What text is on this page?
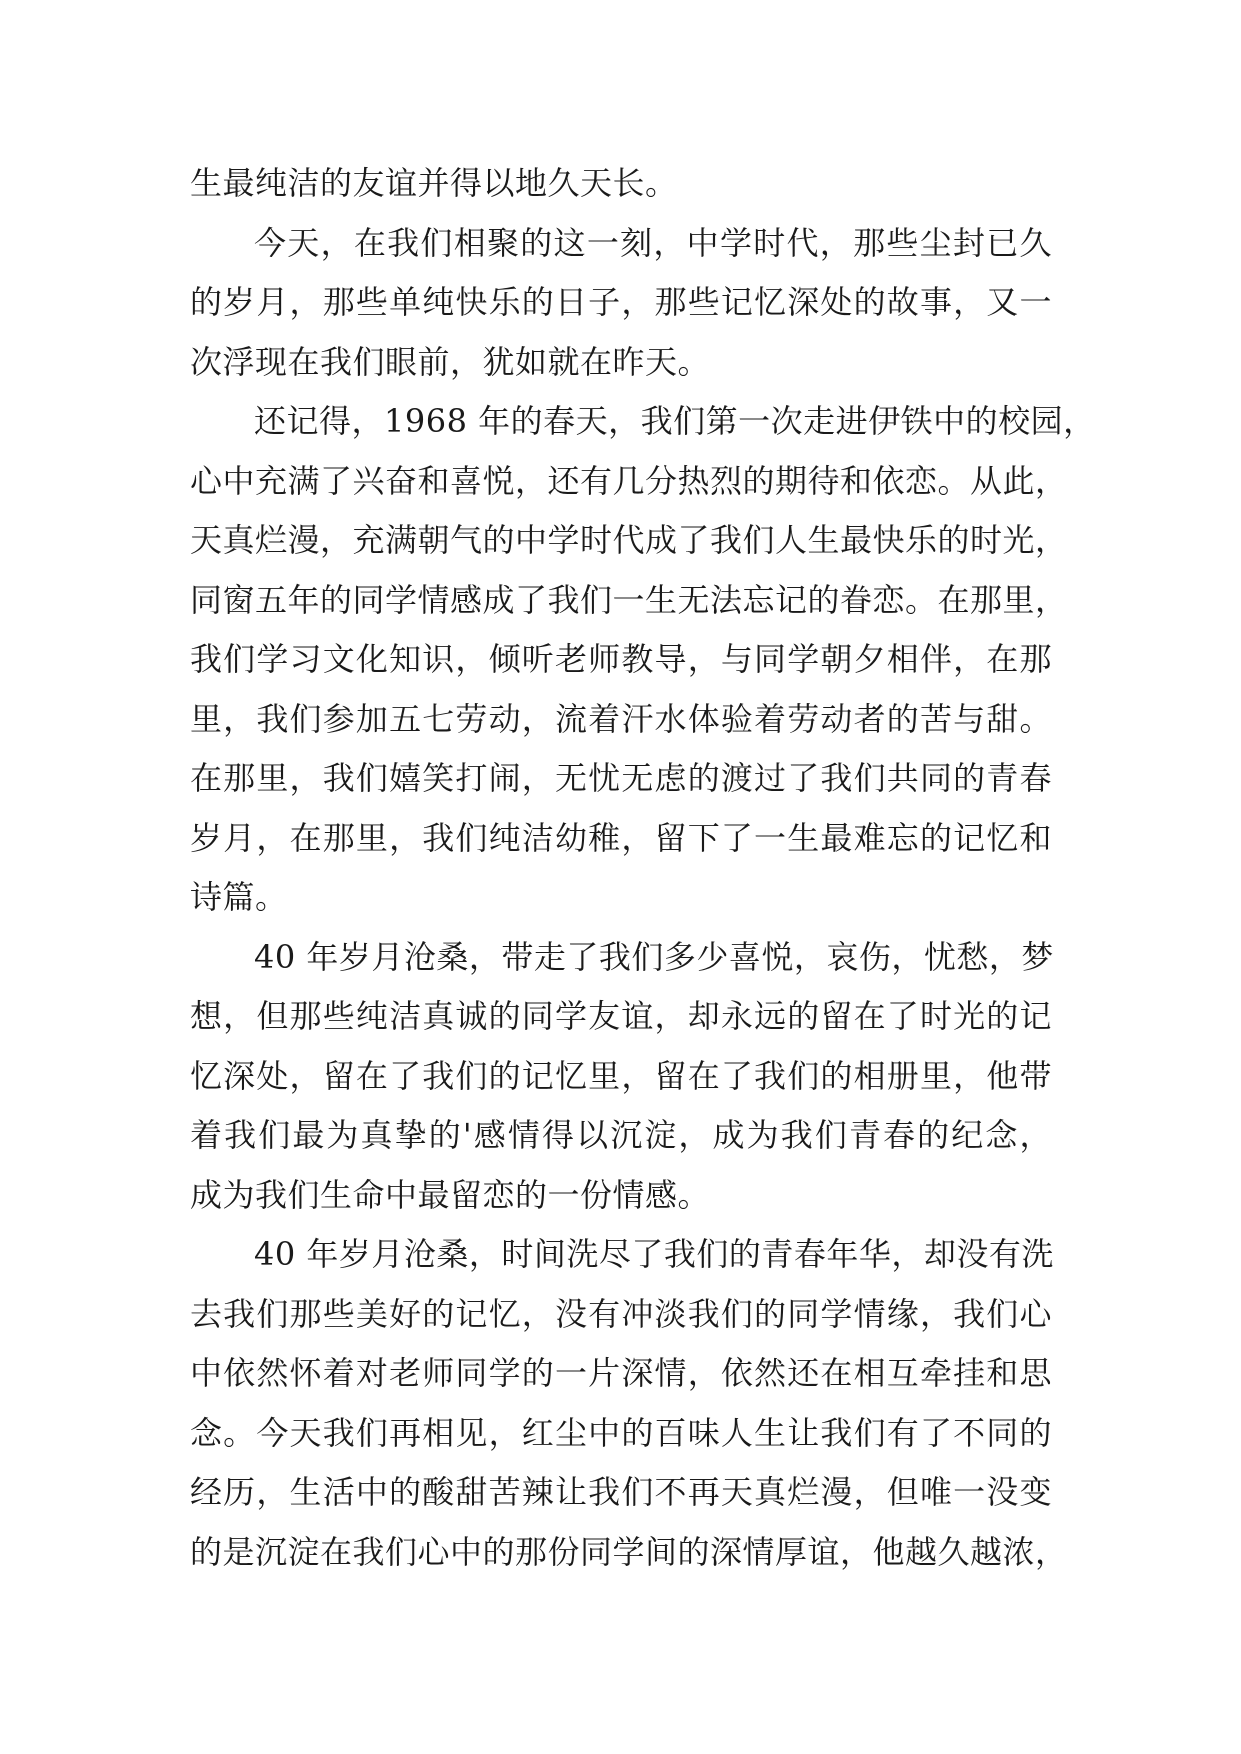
生最纯洁的友谊并得以地久天长。
今天，在我们相聚的这一刻，中学时代，那些尘封已久
的岁月，那些单纯快乐的日子，那些记忆深处的故事，又一
次浮现在我们眼前，犹如就在昨天。
还记得，1968 年的春天，我们第一次走进伊铁中的校园，
心中充满了兴奋和喜悦，还有几分热烈的期待和依恋。从此，
天真烂漫，充满朝气的中学时代成了我们人生最快乐的时光，
同窗五年的同学情感成了我们一生无法忘记的眷恋。在那里，
我们学习文化知识，倾听老师教导，与同学朝夕相伴，在那
里，我们参加五七劳动，流着汗水体验着劳动者的苦与甜。
在那里，我们嬉笑打闹，无忧无虑的渡过了我们共同的青春
岁月，在那里，我们纯洁幼稚，留下了一生最难忘的记忆和
诗篇。
40 年岁月沧桑，带走了我们多少喜悦，哀伤，忧愁，梦
想，但那些纯洁真诚的同学友谊，却永远的留在了时光的记
忆深处，留在了我们的记忆里，留在了我们的相册里，他带
着我们最为真挚的'感情得以沉淀，成为我们青春的纪念，
成为我们生命中最留恋的一份情感。
40 年岁月沧桑，时间洗尽了我们的青春年华，却没有洗
去我们那些美好的记忆，没有冲淡我们的同学情缘，我们心
中依然怀着对老师同学的一片深情，依然还在相互牵挂和思
念。今天我们再相见，红尘中的百味人生让我们有了不同的
经历，生活中的酸甜苦辣让我们不再天真烂漫，但唯一没变
的是沉淀在我们心中的那份同学间的深情厚谊，他越久越浓，
